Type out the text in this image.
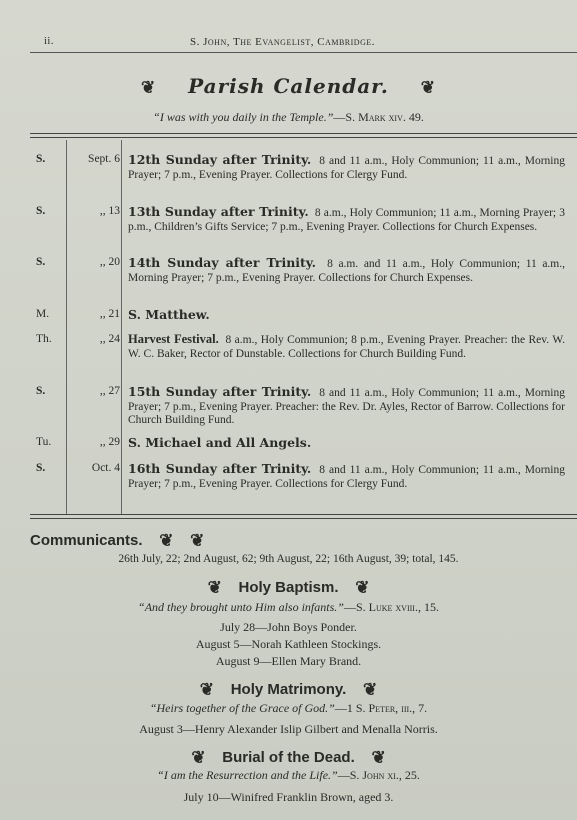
ii.	S. John, The Evangelist, Cambridge.
❦ Parish Calendar. ❦
“I was with you daily in the Temple.”—S. Mark xiv. 49.
S.	Sept. 6 12th Sunday after Trinity. 8 and 11 a.m., Holy Communion; 11 a.m., Morning Prayer; 7 p.m., Evening Prayer. Collections for Clergy Fund.
S.	,, 13 13th Sunday after Trinity. 8 a.m., Holy Communion; 11 a.m., Morning Prayer; 3 p.m., Children’s Gifts Service; 7 p.m., Evening Prayer. Collections for Church Expenses.
S.	,, 20 14th Sunday after Trinity. 8 a.m. and 11 a.m., Holy Communion; 11 a.m., Morning Prayer; 7 p.m., Evening Prayer. Collections for Church Expenses.
M.	,, 21 S. Matthew.
Th.	,, 24 Harvest Festival. 8 a.m., Holy Communion; 8 p.m., Evening Prayer. Preacher: the Rev. W. W. C. Baker, Rector of Dunstable. Collections for Church Building Fund.
S.	,, 27 15th Sunday after Trinity. 8 and 11 a.m., Holy Communion; 11 a.m., Morning Prayer; 7 p.m., Evening Prayer. Preacher: the Rev. Dr. Ayles, Rector of Barrow. Collections for Church Building Fund.
Tu.	,, 29 S. Michael and All Angels.
S.	Oct. 4 16th Sunday after Trinity. 8 and 11 a.m., Holy Communion; 11 a.m., Morning Prayer; 7 p.m., Evening Prayer. Collections for Clergy Fund.
Communicants. ❦ ❦
26th July, 22; 2nd August, 62; 9th August, 22; 16th August, 39; total, 145.
❦ Holy Baptism. ❦
“And they brought unto Him also infants.”—S. Luke xviii., 15.
July 28—John Boys Ponder.
August 5—Norah Kathleen Stockings.
August 9—Ellen Mary Brand.
❦ Holy Matrimony. ❦
“Heirs together of the Grace of God.”—1 S. Peter, iii., 7.
August 3—Henry Alexander Islip Gilbert and Menalla Norris.
❦ Burial of the Dead. ❦
“I am the Resurrection and the Life.”—S. John xi., 25.
July 10—Winifred Franklin Brown, aged 3.
